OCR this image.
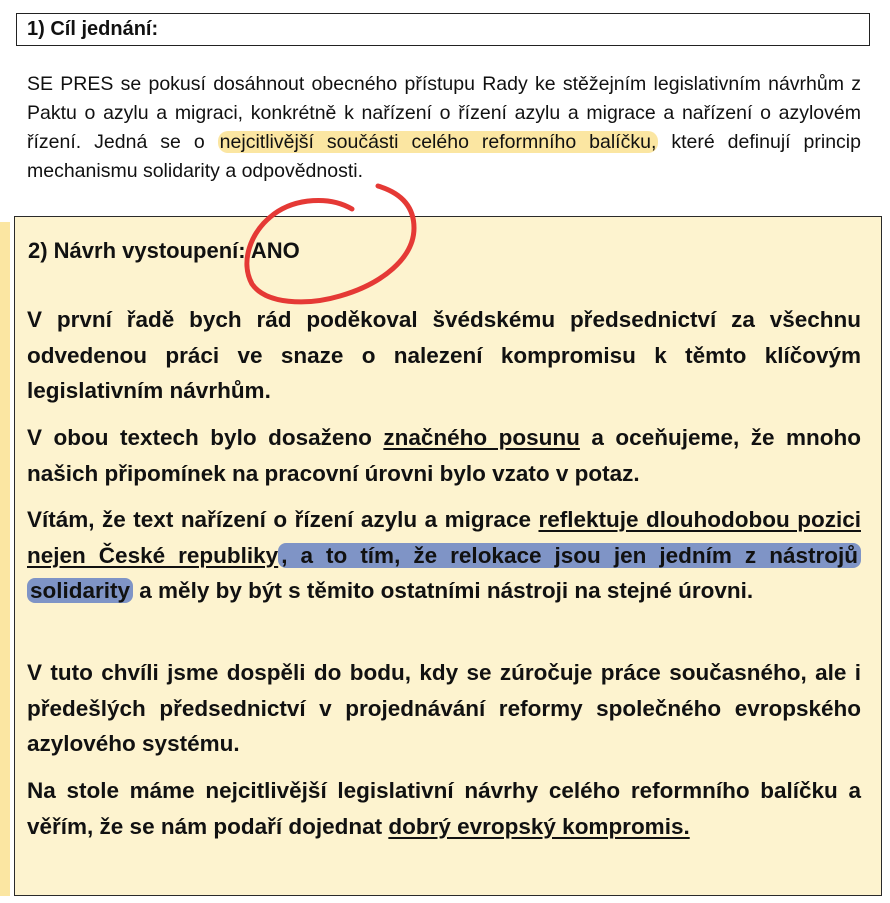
1) Cíl jednání:

SE PRES se pokusí dosáhnout obecného přístupu Rady ke stěžejním legislativním návrhům z Paktu o azylu a migraci, konkrétně k nařízení o řízení azylu a migrace a nařízení o azylovém řízení. Jedná se o nejcitlivější součásti celého reformního balíčku, které definují princip mechanismu solidarity a odpovědnosti.

2) Návrh vystoupení: ANO

V první řadě bych rád poděkoval švédskému předsednictví za všechnu odvedenou práci ve snaze o nalezení kompromisu k těmto klíčovým legislativním návrhům.

V obou textech bylo dosaženo značného posunu a oceňujeme, že mnoho našich připomínek na pracovní úrovni bylo vzato v potaz.

Vítám, že text nařízení o řízení azylu a migrace reflektuje dlouhodobou pozici nejen České republiky , a to tím, že relokace jsou jen jedním z nástrojů solidarity a měly by být s těmito ostatními nástroji na stejné úrovni.

V tuto chvíli jsme dospěli do bodu, kdy se zúročuje práce současného, ale i předešlých předsednictví v projednávání reformy společného evropského azylového systému.

Na stole máme nejcitlivější legislativní návrhy celého reformního balíčku a věřím, že se nám podaří dojednat dobrý evropský kompromis.
